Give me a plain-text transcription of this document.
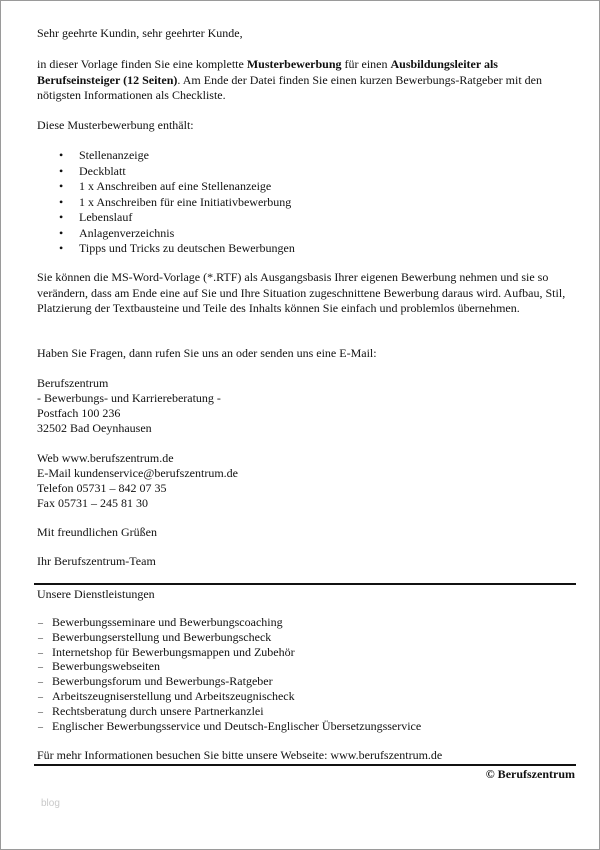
Sehr geehrte Kundin, sehr geehrter Kunde,

in dieser Vorlage finden Sie eine komplette Musterbewerbung für einen Ausbildungsleiter als Berufseinsteiger (12 Seiten). Am Ende der Datei finden Sie einen kurzen Bewerbungs-Ratgeber mit den nötigsten Informationen als Checkliste.

Diese Musterbewerbung enthält:

• Stellenanzeige
• Deckblatt
• 1 x Anschreiben auf eine Stellenanzeige
• 1 x Anschreiben für eine Initiativbewerbung
• Lebenslauf
• Anlagenverzeichnis
• Tipps und Tricks zu deutschen Bewerbungen

Sie können die MS-Word-Vorlage (*.RTF) als Ausgangsbasis Ihrer eigenen Bewerbung nehmen und sie so verändern, dass am Ende eine auf Sie und Ihre Situation zugeschnittene Bewerbung daraus wird. Aufbau, Stil, Platzierung der Textbausteine und Teile des Inhalts können Sie einfach und problemlos übernehmen.

Haben Sie Fragen, dann rufen Sie uns an oder senden uns eine E-Mail:

Berufszentrum

- Bewerbungs- und Karriereberatung -

Postfach 100 236

32502 Bad Oeynhausen

Web www.berufszentrum.de

E-Mail kundenservice@berufszentrum.de

Telefon 05731 – 842 07 35

Fax 05731 – 245 81 30

Mit freundlichen Grüßen

Ihr Berufszentrum-Team

Unsere Dienstleistungen

_ Bewerbungsseminare und Bewerbungscoaching
_ Bewerbungserstellung und Bewerbungscheck
_ Internetshop für Bewerbungsmappen und Zubehör
_ Bewerbungswebseiten
_ Bewerbungsforum und Bewerbungs-Ratgeber
_ Arbeitszeugniserstellung und Arbeitszeugnischeck
_ Rechtsberatung durch unsere Partnerkanzlei
_ Englischer Bewerbungsservice und Deutsch-Englischer Übersetzungsservice

Für mehr Informationen besuchen Sie bitte unsere Webseite: www.berufszentrum.de

© Berufszentrum
blog
